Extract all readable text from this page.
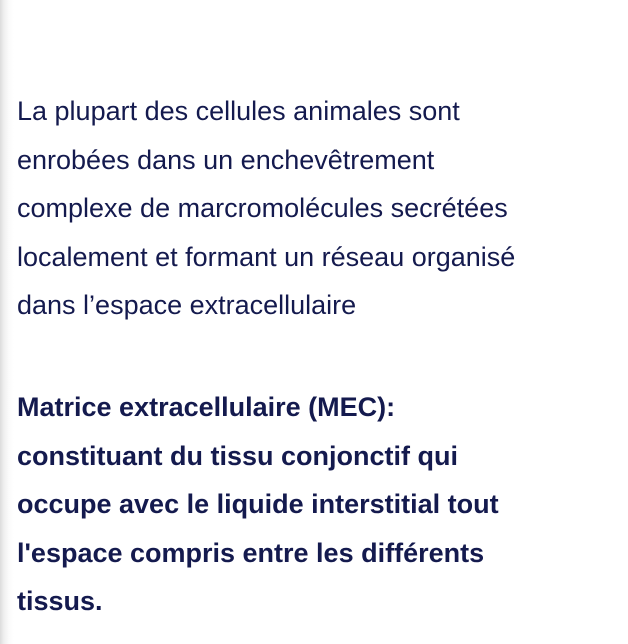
La plupart des cellules animales sont
enrobées dans un enchevêtrement
complexe de marcromolécules secrétées
localement et formant un réseau organisé
dans l’espace extracellulaire

Matrice extracellulaire (MEC):
constituant du tissu conjonctif qui
occupe avec le liquide interstitial tout
l'espace compris entre les différents
tissus.
